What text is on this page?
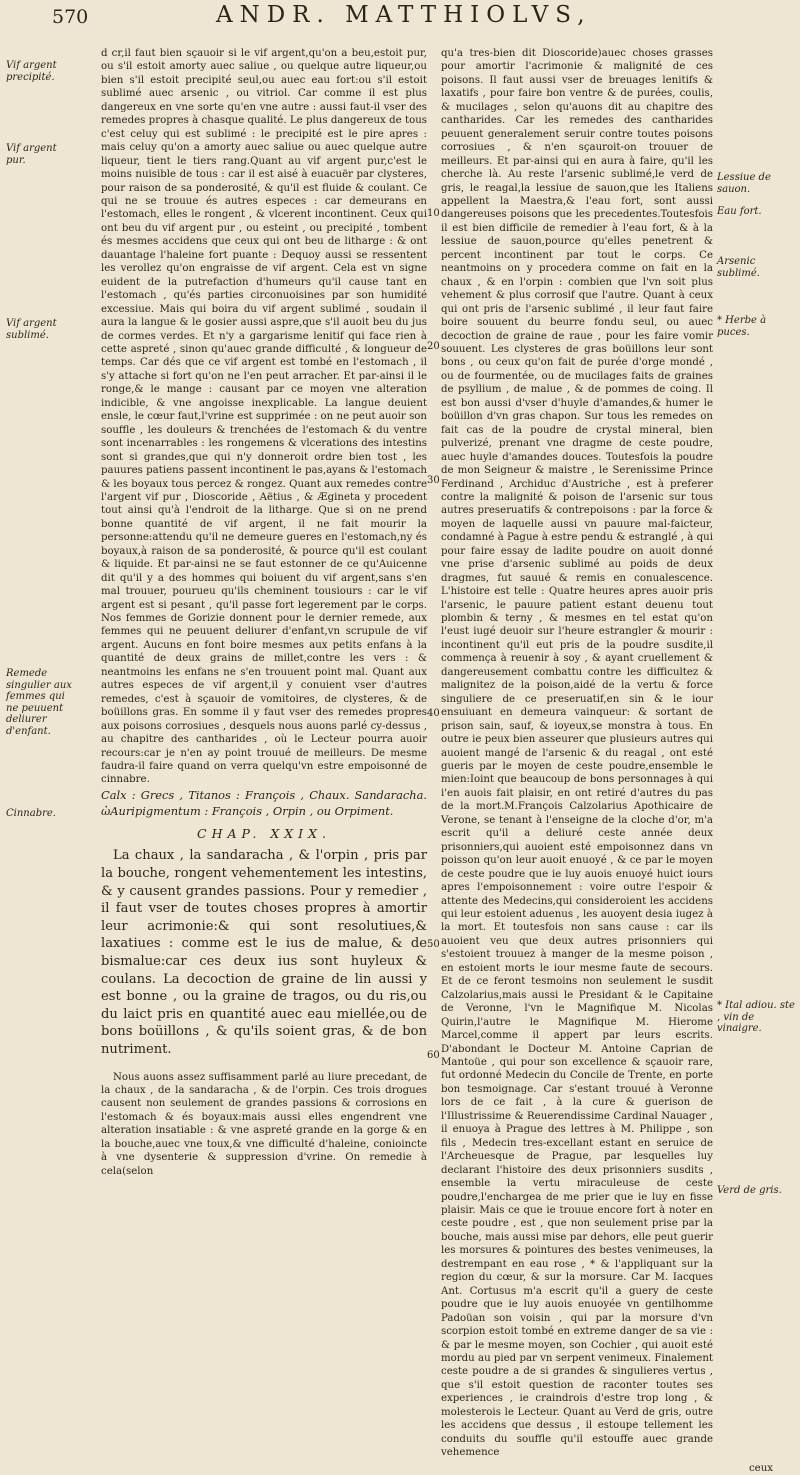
570	ANDR. MATTHIOLVS,
Vif argent precipité.
Vif argent pur.
Vif argent sublimé.
Remede singulier aux femmes qui ne peuuent deliurer d'enfant.
Cinnabre.
Lessiue de sauon.
Eau fort.
Arsenic sublimé.
* Herbe à puces.
* Ital adiou. ste , vin de vinaigre.
Verd de gris.
10
20
30
40
50
60

d cr,il faut bien sçauoir si le vif argent,qu'on a beu,estoit pur, ou s'il estoit amorty auec saliue , ou quelque autre liqueur,ou bien s'il estoit precipité seul,ou auec eau fort:ou s'il estoit sublimé auec arsenic , ou vitriol. Car comme il est plus dangereux en vne sorte qu'en vne autre : aussi faut-il vser des remedes propres à chasque qualité. Le plus dangereux de tous c'est celuy qui est sublimé : le precipité est le pire apres : mais celuy qu'on a amorty auec saliue ou auec quelque autre liqueur, tient le tiers rang.Quant au vif argent pur,c'est le moins nuisible de tous : car il est aisé à euacuër par clysteres, pour raison de sa ponderosité, & qu'il est fluide & coulant. Ce qui ne se trouue és autres especes : car demeurans en l'estomach, elles le rongent , & vlcerent incontinent. Ceux qui ont beu du vif argent pur , ou esteint , ou precipité , tombent és mesmes accidens que ceux qui ont beu de litharge : & ont dauantage l'haleine fort puante : Dequoy aussi se ressentent les verollez qu'on engraisse de vif argent. Cela est vn signe euident de la putrefaction d'humeurs qu'il cause tant en l'estomach , qu'és parties circonuoisines par son humidité excessiue. Mais qui boira du vif argent sublimé , soudain il aura la langue & le gosier aussi aspre,que s'il auoit beu du jus de cormes verdes. Et n'y a gargarisme lenitif qui face rien à cette aspreté , sinon qu'auec grande difficulté , & longueur de temps. Car dés que ce vif argent est tombé en l'estomach , il s'y attache si fort qu'on ne l'en peut arracher. Et par-ainsi il le ronge,& le mange : causant par ce moyen vne alteration indicible, & vne angoisse inexplicable. La langue deuient ensle, le cœur faut,l'vrine est supprimée : on ne peut auoir son souffle , les douleurs & trenchées de l'estomach & du ventre sont incenarrables : les rongemens & vlcerations des intestins sont si grandes,que qui n'y donneroit ordre bien tost , les pauures patiens passent incontinent le pas,ayans & l'estomach & les boyaux tous percez & rongez. Quant aux remedes contre l'argent vif pur , Dioscoride , Aëtius , & Ægineta y procedent tout ainsi qu'à l'endroit de la litharge. Que si on ne prend bonne quantité de vif argent, il ne fait mourir la personne:attendu qu'il ne demeure gueres en l'estomach,ny és boyaux,à raison de sa ponderosité, & pource qu'il est coulant & liquide. Et par-ainsi ne se faut estonner de ce qu'Auicenne dit qu'il y a des hommes qui boiuent du vif argent,sans s'en mal trouuer, pourueu qu'ils cheminent tousiours : car le vif argent est si pesant , qu'il passe fort legerement par le corps. Nos femmes de Gorizie donnent pour le dernier remede, aux femmes qui ne peuuent deliurer d'enfant,vn scrupule de vif argent. Aucuns en font boire mesmes aux petits enfans à la quantité de deux grains de millet,contre les vers : & neantmoins les enfans ne s'en trouuent point mal. Quant aux autres especes de vif argent,il y conuient vser d'autres remedes, c'est à sçauoir de vomitoires, de clysteres, & de boüillons gras. En somme il y faut vser des remedes propres aux poisons corrosiues , desquels nous auons parlé cy-dessus , au chapitre des cantharides , où le Lecteur pourra auoir recours:car je n'en ay point trouué de meilleurs. De mesme faudra-il faire quand on verra quelqu'vn estre empoisonné de cinnabre.

Calx : Grecs , Titanos : François , Chaux. Sandaracha. ὠAuripigmentum : François , Orpin , ou Orpiment.

CHAP. XXIX.

La chaux , la sandaracha , & l'orpin , pris par la bouche, rongent vehementement les intestins, & y causent grandes passions. Pour y remedier , il faut vser de toutes choses propres à amortir leur acrimonie:& qui sont resolutiues,& laxatiues : comme est le ius de malue, & de bismalue:car ces deux ius sont huyleux & coulans. La decoction de graine de lin aussi y est bonne , ou la graine de tragos, ou du ris,ou du laict pris en quantité auec eau miellée,ou de bons boüillons , & qu'ils soient gras, & de bon nutriment.

Nous auons assez suffisamment parlé au liure precedant, de la chaux , de la sandaracha , & de l'orpin. Ces trois drogues causent non seulement de grandes passions & corrosions en l'estomach & és boyaux:mais aussi elles engendrent vne alteration insatiable : & vne aspreté grande en la gorge & en la bouche,auec vne toux,& vne difficulté d'haleine, conioincte à vne dysenterie & suppression d'vrine. On remedie à cela(selon

qu'a tres-bien dit Dioscoride)auec choses grasses pour amortir l'acrimonie & malignité de ces poisons. Il faut aussi vser de breuages lenitifs & laxatifs , pour faire bon ventre & de purées, coulis, & mucilages , selon qu'auons dit au chapitre des cantharides. Car les remedes des cantharides peuuent generalement seruir contre toutes poisons corrosiues , & n'en sçauroit-on trouuer de meilleurs. Et par-ainsi qui en aura à faire, qu'il les cherche là. Au reste l'arsenic sublimé,le verd de gris, le reagal,la lessiue de sauon,que les Italiens appellent la Maestra,& l'eau fort, sont aussi dangereuses poisons que les precedentes.Toutesfois il est bien difficile de remedier à l'eau fort, & à la lessiue de sauon,pource qu'elles penetrent & percent incontinent par tout le corps. Ce neantmoins on y procedera comme on fait en la chaux , & en l'orpin : combien que l'vn soit plus vehement & plus corrosif que l'autre. Quant à ceux qui ont pris de l'arsenic sublimé , il leur faut faire boire souuent du beurre fondu seul, ou auec decoction de graine de raue , pour les faire vomir souuent. Les clysteres de gras boüillons leur sont bons , ou ceux qu'on fait de purée d'orge mondé , ou de fourmentée, ou de mucilages faits de graines de psyllium , de malue , & de pommes de coing. Il est bon aussi d'vser d'huyle d'amandes,& humer le boüillon d'vn gras chapon. Sur tous les remedes on fait cas de la poudre de crystal mineral, bien pulverizé, prenant vne dragme de ceste poudre, auec huyle d'amandes douces. Toutesfois la poudre de mon Seigneur & maistre , le Serenissime Prince Ferdinand , Archiduc d'Austriche , est à preferer contre la malignité & poison de l'arsenic sur tous autres preseruatifs & contrepoisons : par la force & moyen de laquelle aussi vn pauure mal-faicteur, condamné à Pague à estre pendu & estranglé , à qui pour faire essay de ladite poudre on auoit donné vne prise d'arsenic sublimé au poids de deux dragmes, fut sauué & remis en conualescence. L'histoire est telle : Quatre heures apres auoir pris l'arsenic, le pauure patient estant deuenu tout plombin & terny , & mesmes en tel estat qu'on l'eust iugé deuoir sur l'heure estrangler & mourir : incontinent qu'il eut pris de la poudre susdite,il commença à reuenir à soy , & ayant cruellement & dangereusement combattu contre les difficultez & malignitez de la poison,aidé de la vertu & force singuliere de ce preseruatif,en sin & le iour ensuiuant en demeura vainqueur: & sortant de prison sain, sauf, & ioyeux,se monstra à tous. En outre ie peux bien asseurer que plusieurs autres qui auoient mangé de l'arsenic & du reagal , ont esté gueris par le moyen de ceste poudre,ensemble le mien:Ioint que beaucoup de bons personnages à qui i'en auois fait plaisir, en ont retiré d'autres du pas de la mort.M.François Calzolarius Apothicaire de Verone, se tenant à l'enseigne de la cloche d'or, m'a escrit qu'il a deliuré ceste année deux prisonniers,qui auoient esté empoisonnez dans vn poisson qu'on leur auoit enuoyé , & ce par le moyen de ceste poudre que ie luy auois enuoyé huict iours apres l'empoisonnement : voire outre l'espoir & attente des Medecins,qui consideroient les accidens qui leur estoient aduenus , les auoyent desia iugez à la mort. Et toutesfois non sans cause : car ils auoient veu que deux autres prisonniers qui s'estoient trouuez à manger de la mesme poison , en estoient morts le iour mesme faute de secours. Et de ce feront tesmoins non seulement le susdit Calzolarius,mais aussi le Presidant & le Capitaine de Veronne, l'vn le Magnifique M. Nicolas Quirin,l'autre le Magnifique M. Hierome Marcel,comme il appert par leurs escrits. D'abondant le Docteur M. Antoine Caprian de Mantoüe , qui pour son excellence & sçauoir rare, fut ordonné Medecin du Concile de Trente, en porte bon tesmoignage. Car s'estant trouué à Veronne lors de ce fait , à la cure & guerison de l'Illustrissime & Reuerendissime Cardinal Nauager , il enuoya à Prague des lettres à M. Philippe , son fils , Medecin tres-excellant estant en seruice de l'Archeuesque de Prague, par lesquelles luy declarant l'histoire des deux prisonniers susdits , ensemble la vertu miraculeuse de ceste poudre,l'enchargea de me prier que ie luy en fisse plaisir. Mais ce que ie trouue encore fort à noter en ceste poudre , est , que non seulement prise par la bouche, mais aussi mise par dehors, elle peut guerir les morsures & pointures des bestes venimeuses, la destrempant en eau rose , * & l'appliquant sur la region du cœur, & sur la morsure. Car M. Iacques Ant. Cortusus m'a escrit qu'il a guery de ceste poudre que ie luy auois enuoyée vn gentilhomme Padoüan son voisin , qui par la morsure d'vn scorpion estoit tombé en extreme danger de sa vie : & par le mesme moyen, son Cochier , qui auoit esté mordu au pied par vn serpent venimeux. Finalement ceste poudre a de si grandes & singulieres vertus , que s'il estoit question de raconter toutes ses experiences , ie craindrois d'estre trop long , & molesterois le Lecteur. Quant au Verd de gris, outre les accidens que dessus , il estoupe tellement les conduits du souffle qu'il estouffe auec grande vehemence

ceux
